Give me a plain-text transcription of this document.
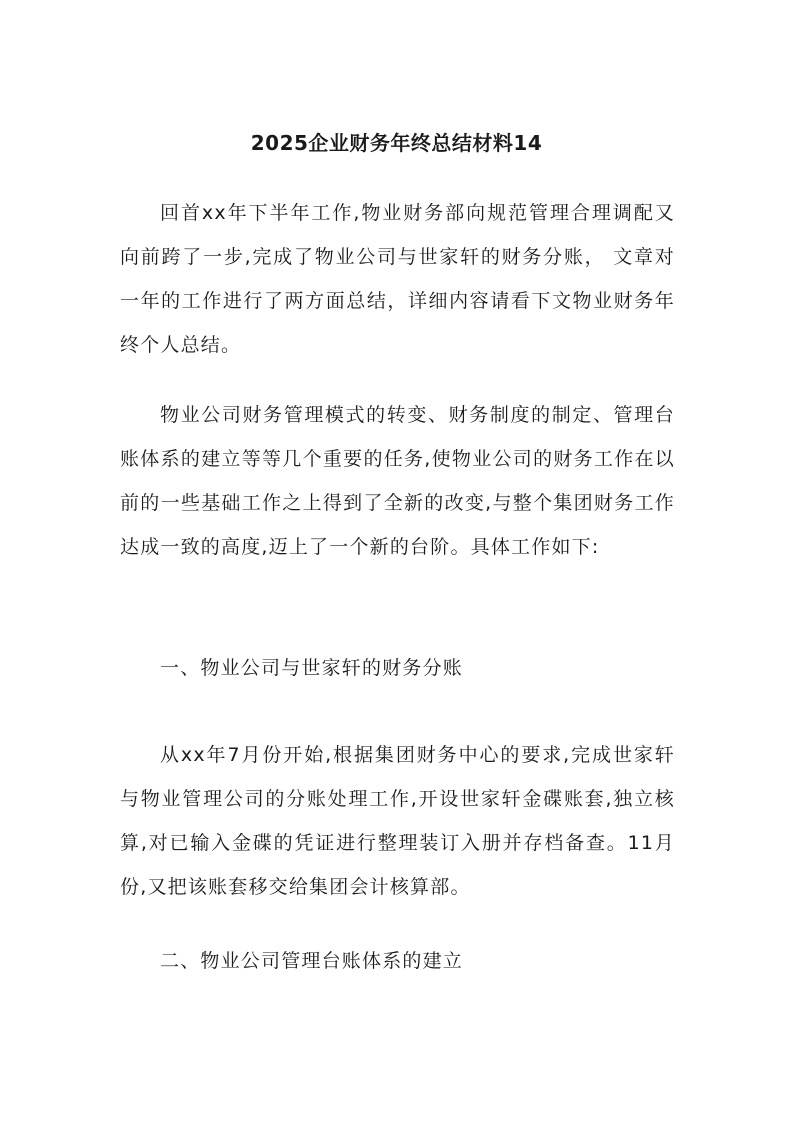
2025企业财务年终总结材料14

回首xx年下半年工作,物业财务部向规范管理合理调配又向前跨了一步,完成了物业公司与世家轩的财务分账， 文章对一年的工作进行了两方面总结，详细内容请看下文物业财务年终个人总结。

物业公司财务管理模式的转变、财务制度的制定、管理台账体系的建立等等几个重要的任务,使物业公司的财务工作在以前的一些基础工作之上得到了全新的改变,与整个集团财务工作达成一致的高度,迈上了一个新的台阶。具体工作如下:

一、物业公司与世家轩的财务分账

从xx年7月份开始,根据集团财务中心的要求,完成世家轩与物业管理公司的分账处理工作,开设世家轩金碟账套,独立核算,对已输入金碟的凭证进行整理装订入册并存档备查。11月份,又把该账套移交给集团会计核算部。

二、物业公司管理台账体系的建立
